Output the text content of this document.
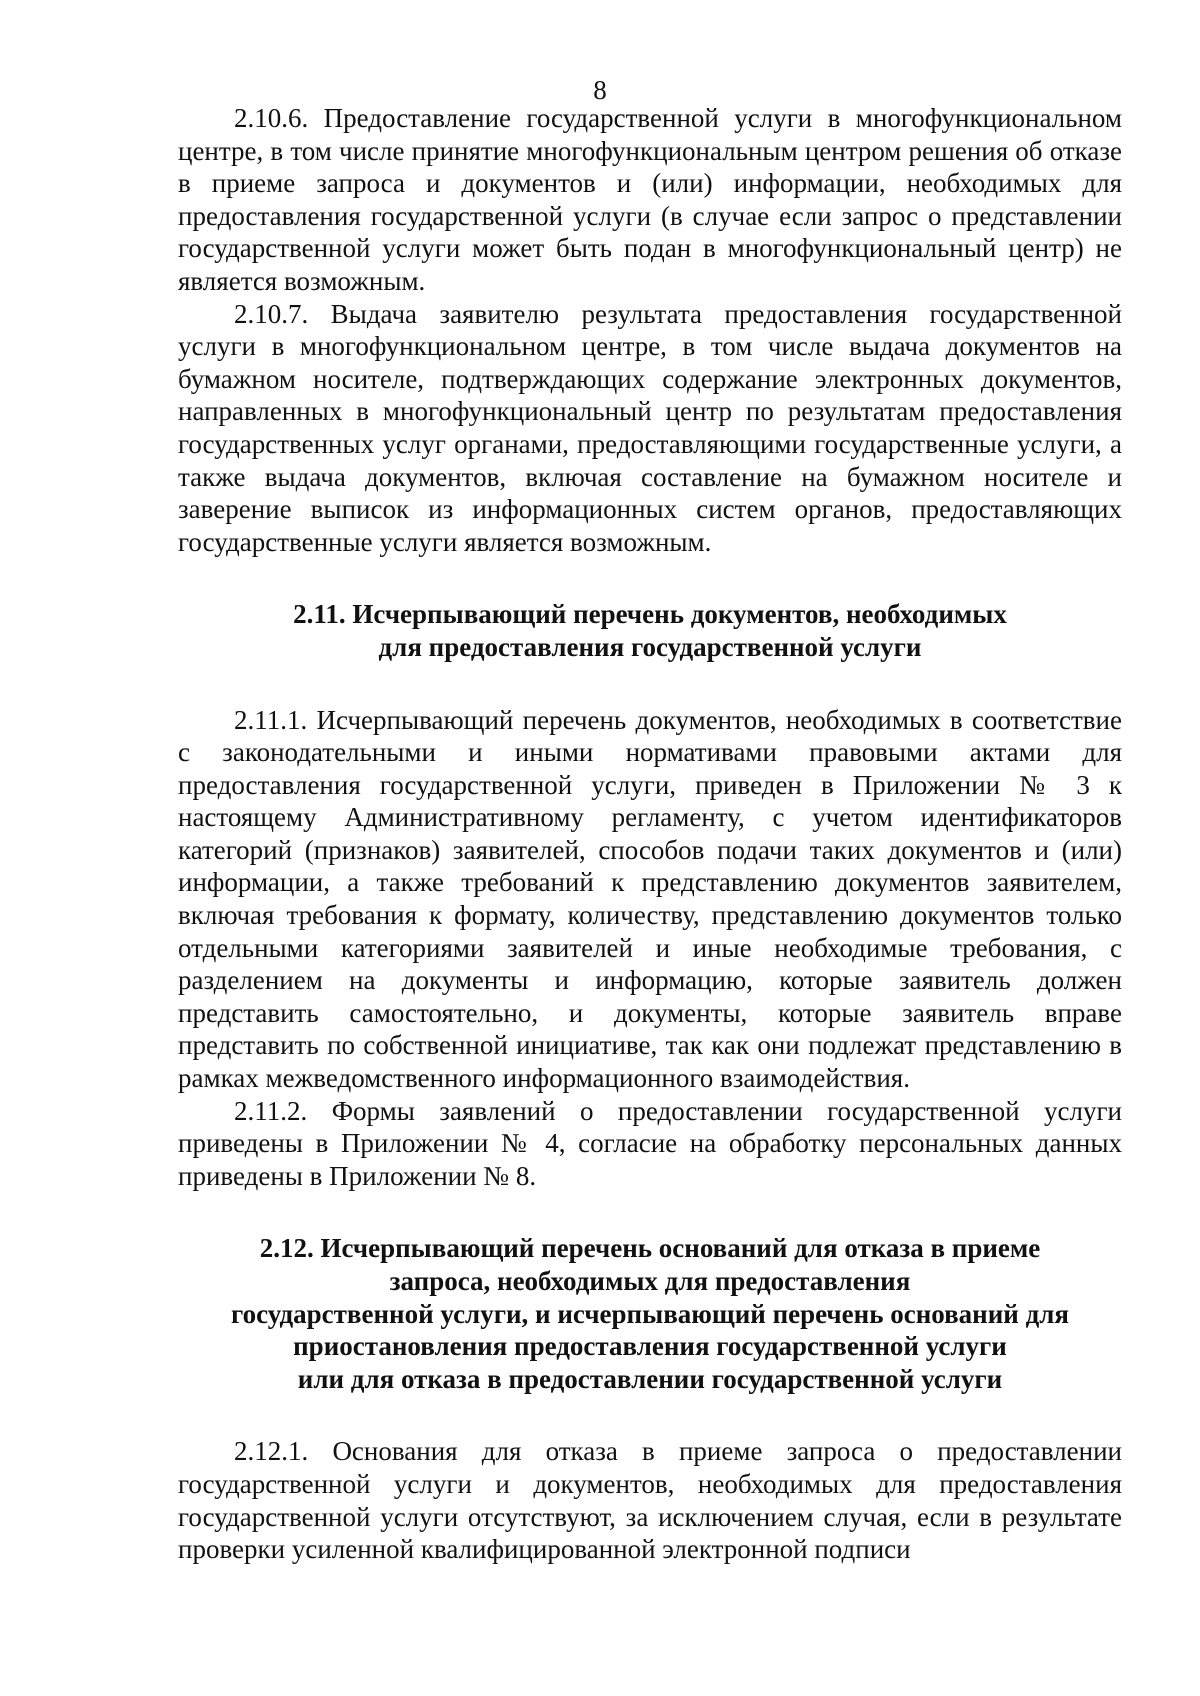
8

2.10.6. Предоставление государственной услуги в многофункциональном центре, в том числе принятие многофункциональным центром решения об отказе в приеме запроса и документов и (или) информации, необходимых для предоставления государственной услуги (в случае если запрос о представлении государственной услуги может быть подан в многофункциональный центр) не является возможным.

2.10.7. Выдача заявителю результата предоставления государственной услуги в многофункциональном центре, в том числе выдача документов на бумажном носителе, подтверждающих содержание электронных документов, направленных в многофункциональный центр по результатам предоставления государственных услуг органами, предоставляющими государственные услуги, а также выдача документов, включая составление на бумажном носителе и заверение выписок из информационных систем органов, предоставляющих государственные услуги является возможным.

2.11. Исчерпывающий перечень документов, необходимых

для предоставления государственной услуги

2.11.1. Исчерпывающий перечень документов, необходимых в соответствие с законодательными и иными нормативами правовыми актами для предоставления государственной услуги, приведен в Приложении № 3 к настоящему Административному регламенту, с учетом идентификаторов категорий (признаков) заявителей, способов подачи таких документов и (или) информации, а также требований к представлению документов заявителем, включая требования к формату, количеству, представлению документов только отдельными категориями заявителей и иные необходимые требования, с разделением на документы и информацию, которые заявитель должен представить самостоятельно, и документы, которые заявитель вправе представить по собственной инициативе, так как они подлежат представлению в рамках межведомственного информационного взаимодействия.

2.11.2. Формы заявлений о предоставлении государственной услуги приведены в Приложении № 4, согласие на обработку персональных данных приведены в Приложении № 8.

2.12. Исчерпывающий перечень оснований для отказа в приеме

запроса, необходимых для предоставления

государственной услуги, и исчерпывающий перечень оснований для

приостановления предоставления государственной услуги

или для отказа в предоставлении государственной услуги

2.12.1. Основания для отказа в приеме запроса о предоставлении государственной услуги и документов, необходимых для предоставления государственной услуги отсутствуют, за исключением случая, если в результате проверки усиленной квалифицированной электронной подписи
